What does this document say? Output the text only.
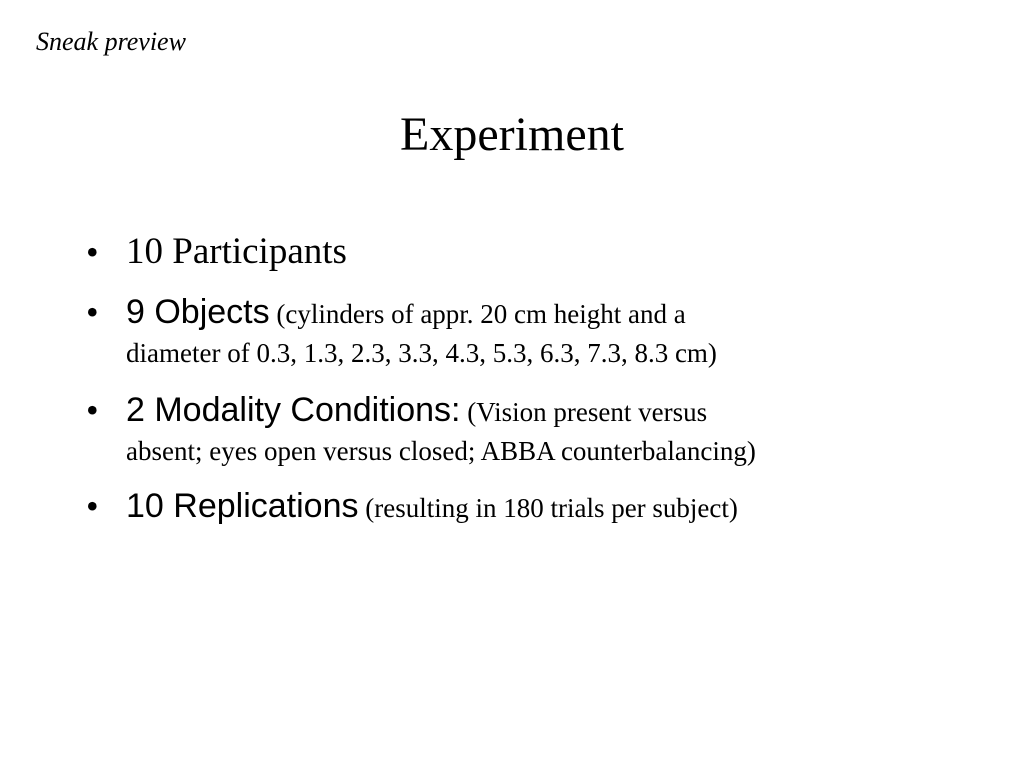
Sneak preview
Experiment
• 10 Participants
• 9 Objects (cylinders of appr. 20 cm height and a
diameter of 0.3, 1.3, 2.3, 3.3, 4.3, 5.3, 6.3, 7.3, 8.3 cm)
• 2 Modality Conditions: (Vision present versus
absent; eyes open versus closed; ABBA counterbalancing)
• 10 Replications (resulting in 180 trials per subject)
